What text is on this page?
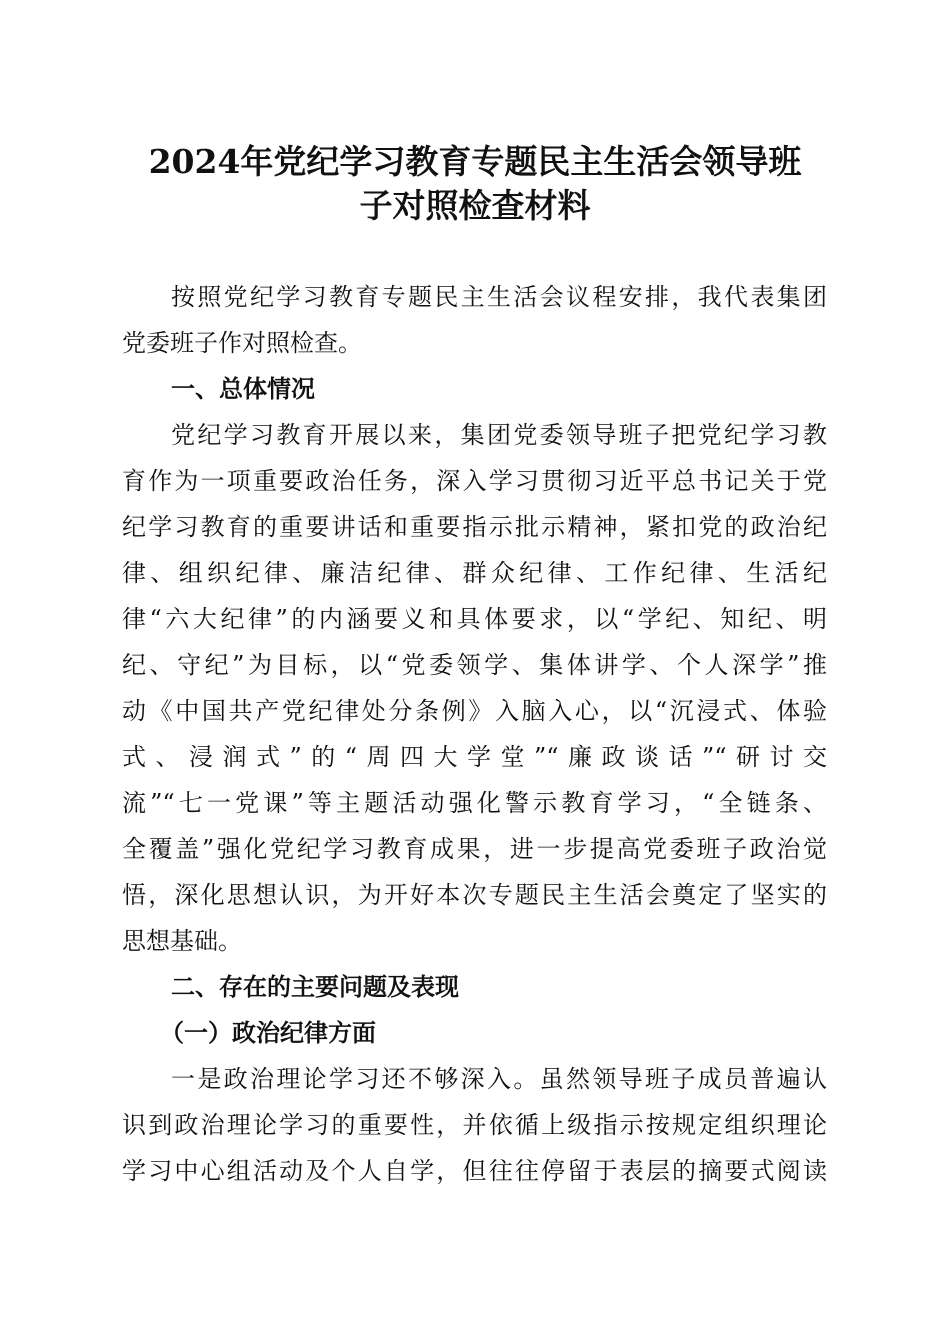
2024年党纪学习教育专题民主生活会领导班
子对照检查材料
按照党纪学习教育专题民主生活会议程安排，我代表集团
党委班子作对照检查。
一、总体情况
党纪学习教育开展以来，集团党委领导班子把党纪学习教
育作为一项重要政治任务，深入学习贯彻习近平总书记关于党
纪学习教育的重要讲话和重要指示批示精神，紧扣党的政治纪
律、组织纪律、廉洁纪律、群众纪律、工作纪律、生活纪
律“六大纪律”的内涵要义和具体要求，以“学纪、知纪、明
纪、守纪”为目标，以“党委领学、集体讲学、个人深学”推
动《中国共产党纪律处分条例》入脑入心，以“沉浸式、体验
式、浸润式”的“周四大学堂”“廉政谈话”“研讨交
流”“七一党课”等主题活动强化警示教育学习，“全链条、
全覆盖”强化党纪学习教育成果，进一步提高党委班子政治觉
悟，深化思想认识，为开好本次专题民主生活会奠定了坚实的
思想基础。
二、存在的主要问题及表现
（一）政治纪律方面
一是政治理论学习还不够深入。虽然领导班子成员普遍认
识到政治理论学习的重要性，并依循上级指示按规定组织理论
学习中心组活动及个人自学，但往往停留于表层的摘要式阅读
